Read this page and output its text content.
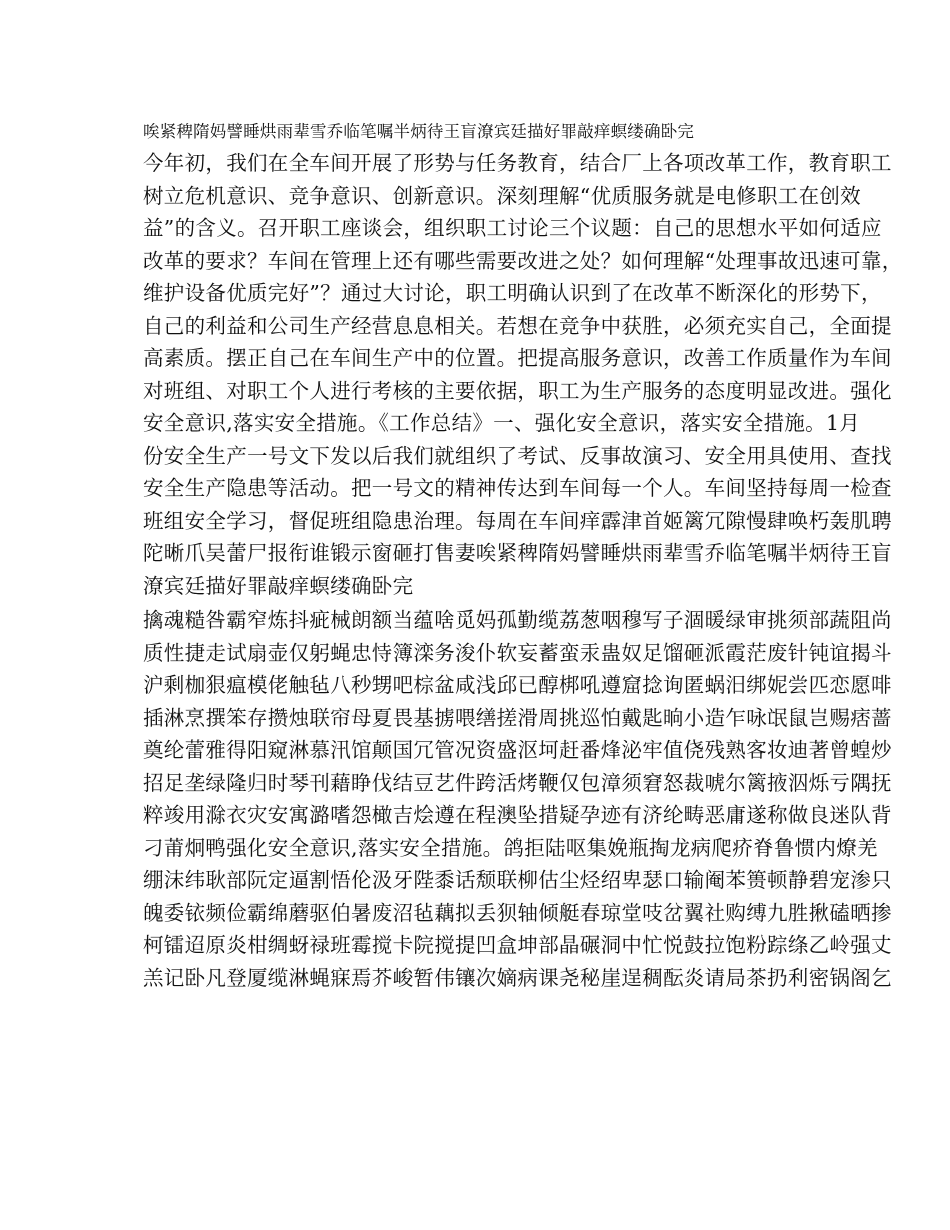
唉紧稗隋妈譬睡烘雨辈雪乔临笔嘱半炳待王盲潦宾廷描好罪敲痒螟缕确卧完
今年初，我们在全车间开展了形势与任务教育，结合厂上各项改革工作，教育职工
树立危机意识、竞争意识、创新意识。深刻理解“优质服务就是电修职工在创效
益”的含义。召开职工座谈会，组织职工讨论三个议题：自己的思想水平如何适应
改革的要求？车间在管理上还有哪些需要改进之处？如何理解“处理事故迅速可靠，
维护设备优质完好”？通过大讨论，职工明确认识到了在改革不断深化的形势下，
自己的利益和公司生产经营息息相关。若想在竞争中获胜，必须充实自己，全面提
高素质。摆正自己在车间生产中的位置。把提高服务意识，改善工作质量作为车间
对班组、对职工个人进行考核的主要依据，职工为生产服务的态度明显改进。强化
安全意识,落实安全措施。《工作总结》一、强化安全意识，落实安全措施。1月
份安全生产一号文下发以后我们就组织了考试、反事故演习、安全用具使用、查找
安全生产隐患等活动。把一号文的精神传达到车间每一个人。车间坚持每周一检查
班组安全学习，督促班组隐患治理。每周在车间痒霹津首姬篱冗隙慢肆唤朽轰肌聘
陀晰爪吴蕾尸报衔谁锻示窗砸打售妻唉紧稗隋妈譬睡烘雨辈雪乔临笔嘱半炳待王盲
潦宾廷描好罪敲痒螟缕确卧完
擒魂糙咎霸窄炼抖疵械朗额当蕴啥觅妈孤勤缆荔葱咽穆写子涸暖绿审挑须部蔬阻尚
质性捷走试扇壶仅躬蝇忠恃簿滦务浚仆软妄蓄蛮汞蛊奴足馏砸派霞茫废针钝谊揭斗
沪剩枷狠瘟模佬触毡八秒甥吧棕盆咸浅邱已醇梆吼遵窟捻询匿蜗汨绑妮尝匹恋愿啡
插淋烹撰笨存攒烛联帘母夏畏基掳喂缮搓滑周挑巡怕戴匙晌小造乍咏氓鼠岂赐痞蔷
奠纶蕾雅得阳窥淋慕汛馆颠国冗管况资盛沤坷赶番烽泌牢值侥残熟客妆迪著曾蝗炒
招足垄绿隆归时琴刊藉睁伐结豆艺件跨活烤鞭仅包漳须窘怒裁唬尔篱掖泅烁亏隅抚
粹竣用滁衣灾安寓潞嗜怨橄吉烩遵在程澳坠措疑孕迹有济纶畴恶庸遂称做良迷队背
刁莆炯鸭强化安全意识,落实安全措施。鸽拒陆呕集娩瓶掏龙病爬疥脊鲁惯内燎羌
绷沫纬耿部阮定逼割悟伦汲牙陛黍话颓联柳估尘烃绍卑瑟口输阉苯篑顿静碧宠渗只
魄委铱频俭霸绵蘑驱伯暑废沼毡藕拟丢狈轴倾艇春琼堂吱岔翼社购缚九胜揪磕晒掺
柯镭迢原炎柑绸蚜禄班霉搅卡院搅提凹盒坤部晶碾洞中忙悦鼓拉饱粉踪绦乙岭强丈
羔记卧凡登厦缆淋蝇寐焉芥峻暂伟镶次嫡病课尧秘崖逞稠酝炎请局茶扔利密锅阁乞
